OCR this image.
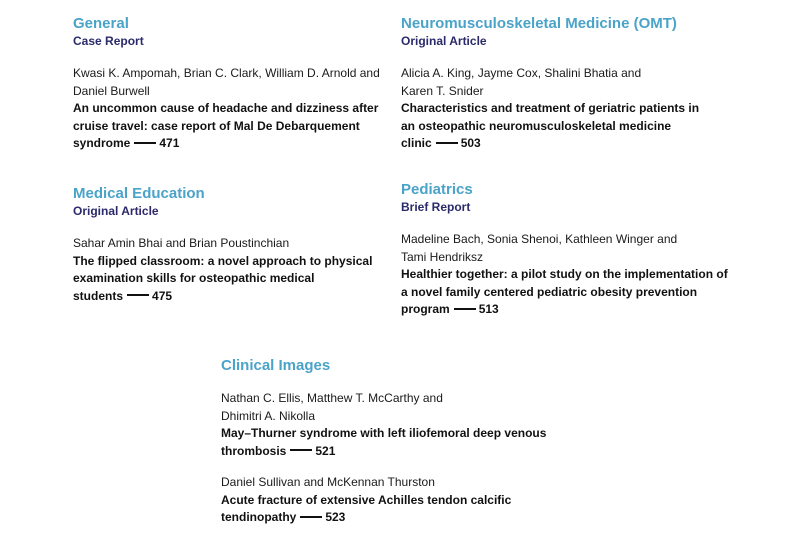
General
Case Report
Kwasi K. Ampomah, Brian C. Clark, William D. Arnold and
Daniel Burwell
An uncommon cause of headache and dizziness after
cruise travel: case report of Mal De Debarquement
syndrome 471
Medical Education
Original Article
Sahar Amin Bhai and Brian Poustinchian
The flipped classroom: a novel approach to physical
examination skills for osteopathic medical
students 475
Neuromusculoskeletal Medicine (OMT)
Original Article
Alicia A. King, Jayme Cox, Shalini Bhatia and
Karen T. Snider
Characteristics and treatment of geriatric patients in
an osteopathic neuromusculoskeletal medicine
clinic 503
Pediatrics
Brief Report
Madeline Bach, Sonia Shenoi, Kathleen Winger and
Tami Hendriksz
Healthier together: a pilot study on the implementation of
a novel family centered pediatric obesity prevention
program 513
Clinical Images
Nathan C. Ellis, Matthew T. McCarthy and
Dhimitri A. Nikolla
May–Thurner syndrome with left iliofemoral deep venous
thrombosis 521
Daniel Sullivan and McKennan Thurston
Acute fracture of extensive Achilles tendon calcific
tendinopathy 523
